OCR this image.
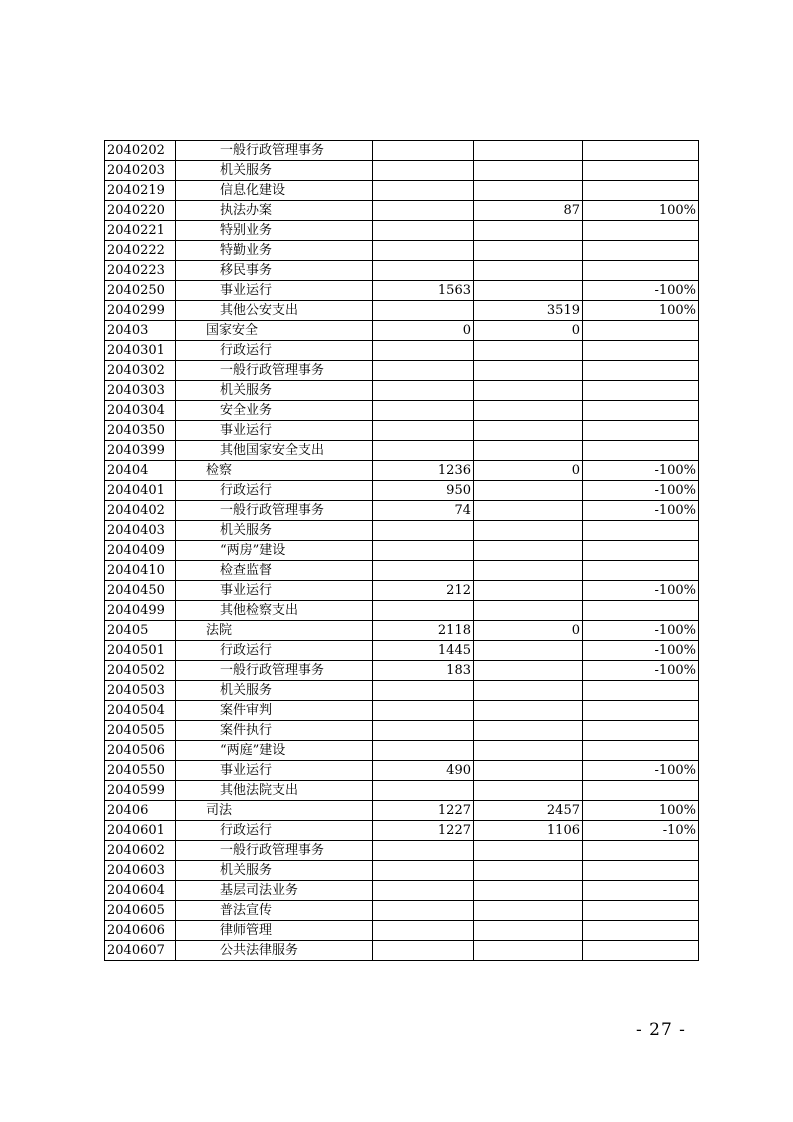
2040202	一般行政管理事务			
2040203	机关服务			
2040219	信息化建设			
2040220	执法办案		87	100%
2040221	特别业务			
2040222	特勤业务			
2040223	移民事务			
2040250	事业运行	1563		-100%
2040299	其他公安支出		3519	100%
20403	国家安全	0	0	
2040301	行政运行			
2040302	一般行政管理事务			
2040303	机关服务			
2040304	安全业务			
2040350	事业运行			
2040399	其他国家安全支出			
20404	检察	1236	0	-100%
2040401	行政运行	950		-100%
2040402	一般行政管理事务	74		-100%
2040403	机关服务			
2040409	“两房”建设			
2040410	检查监督			
2040450	事业运行	212		-100%
2040499	其他检察支出			
20405	法院	2118	0	-100%
2040501	行政运行	1445		-100%
2040502	一般行政管理事务	183		-100%
2040503	机关服务			
2040504	案件审判			
2040505	案件执行			
2040506	“两庭”建设			
2040550	事业运行	490		-100%
2040599	其他法院支出			
20406	司法	1227	2457	100%
2040601	行政运行	1227	1106	-10%
2040602	一般行政管理事务			
2040603	机关服务			
2040604	基层司法业务			
2040605	普法宣传			
2040606	律师管理			
2040607	公共法律服务			
- 27 -
